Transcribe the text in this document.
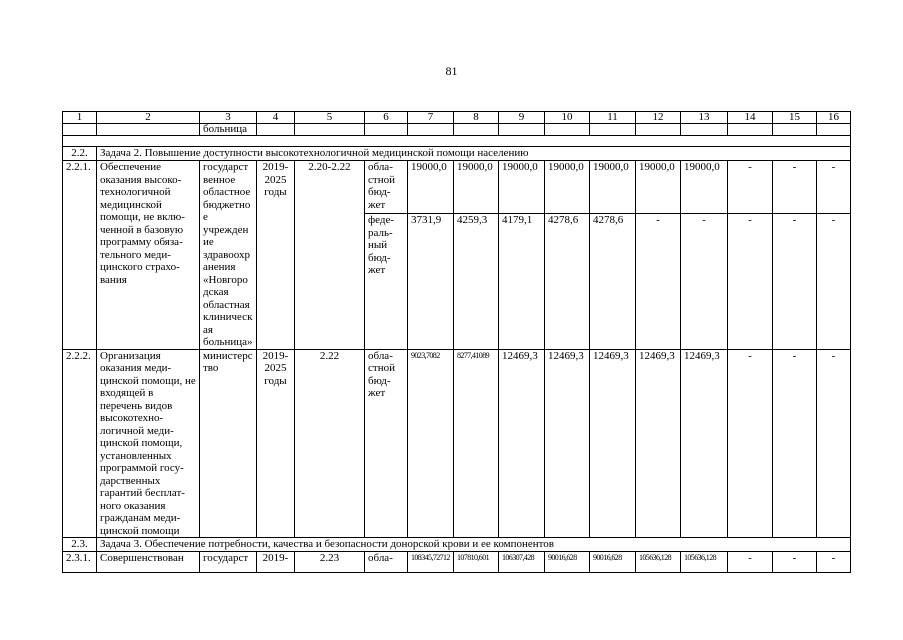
81
1	2	3	4	5	6	7	8	9	10	11	12	13	14	15	16
		больница													

2.2.	Задача 2. Повышение доступности высокотехнологичной медицинской помощи населению														
2.2.1.	Обеспечение оказания высоко-технологичной медицинской помощи, не вклю-ченной в базовую программу обяза-тельного меди-цинского страхо-вания	государственное областное бюджетное учреждение здравоохранения «Новгородская областная клиническая больница»	2019-2025 годы	2.20-2.22	обла-стной бюд-жет	19000,0	19000,0	19000,0	19000,0	19000,0	19000,0	19000,0	-	-	-
					феде-раль-ный бюд-жет	3731,9	4259,3	4179,1	4278,6	4278,6	-	-	-	-	-
2.2.2.	Организация оказания меди-цинской помощи, не входящей в перечень видов высокотехно-логичной меди-цинской помощи, установленных программой госу-дарственных гарантий бесплат-ного оказания гражданам меди-цинской помощи	министерство	2019-2025 годы	2.22	обла-стной бюд-жет	9023,7082	8277,41089	12469,3	12469,3	12469,3	12469,3	12469,3	-	-	-
2.3.	Задача 3. Обеспечение потребности, качества и безопасности донорской крови и ее компонентов														
2.3.1.	Совершенствован	государст	2019-	2.23	обла-	108345,72712	107810,601	106307,428	90016,628	90016,628	105636,128	105636,128	-	-	-
